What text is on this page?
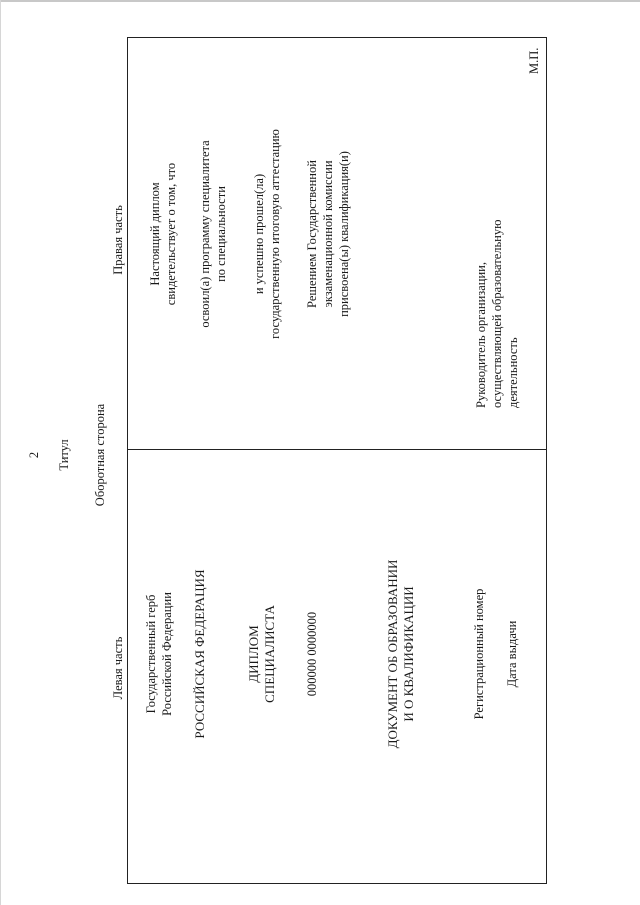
2 Титул Оборотная сторона
Левая часть
Правая часть
Государственный герб Российской Федерации РОССИЙСКАЯ ФЕДЕРАЦИЯ	ДИПЛОМ СПЕЦИАЛИСТА 000000 0000000	ДОКУМЕНТ ОБ ОБРАЗОВАНИИ И О КВАЛИФИКАЦИИ	Регистрационный номер Дата выдачи
Настоящий диплом свидетельствует о том, что освоил(а) программу специалитета по специальности и успешно прошел(ла) государственную итоговую аттестацию Решением Государственной экзаменационной комиссии присвоена(ы) квалификация(и)
Руководитель организации, осуществляющей образовательную деятельность
М.П.
